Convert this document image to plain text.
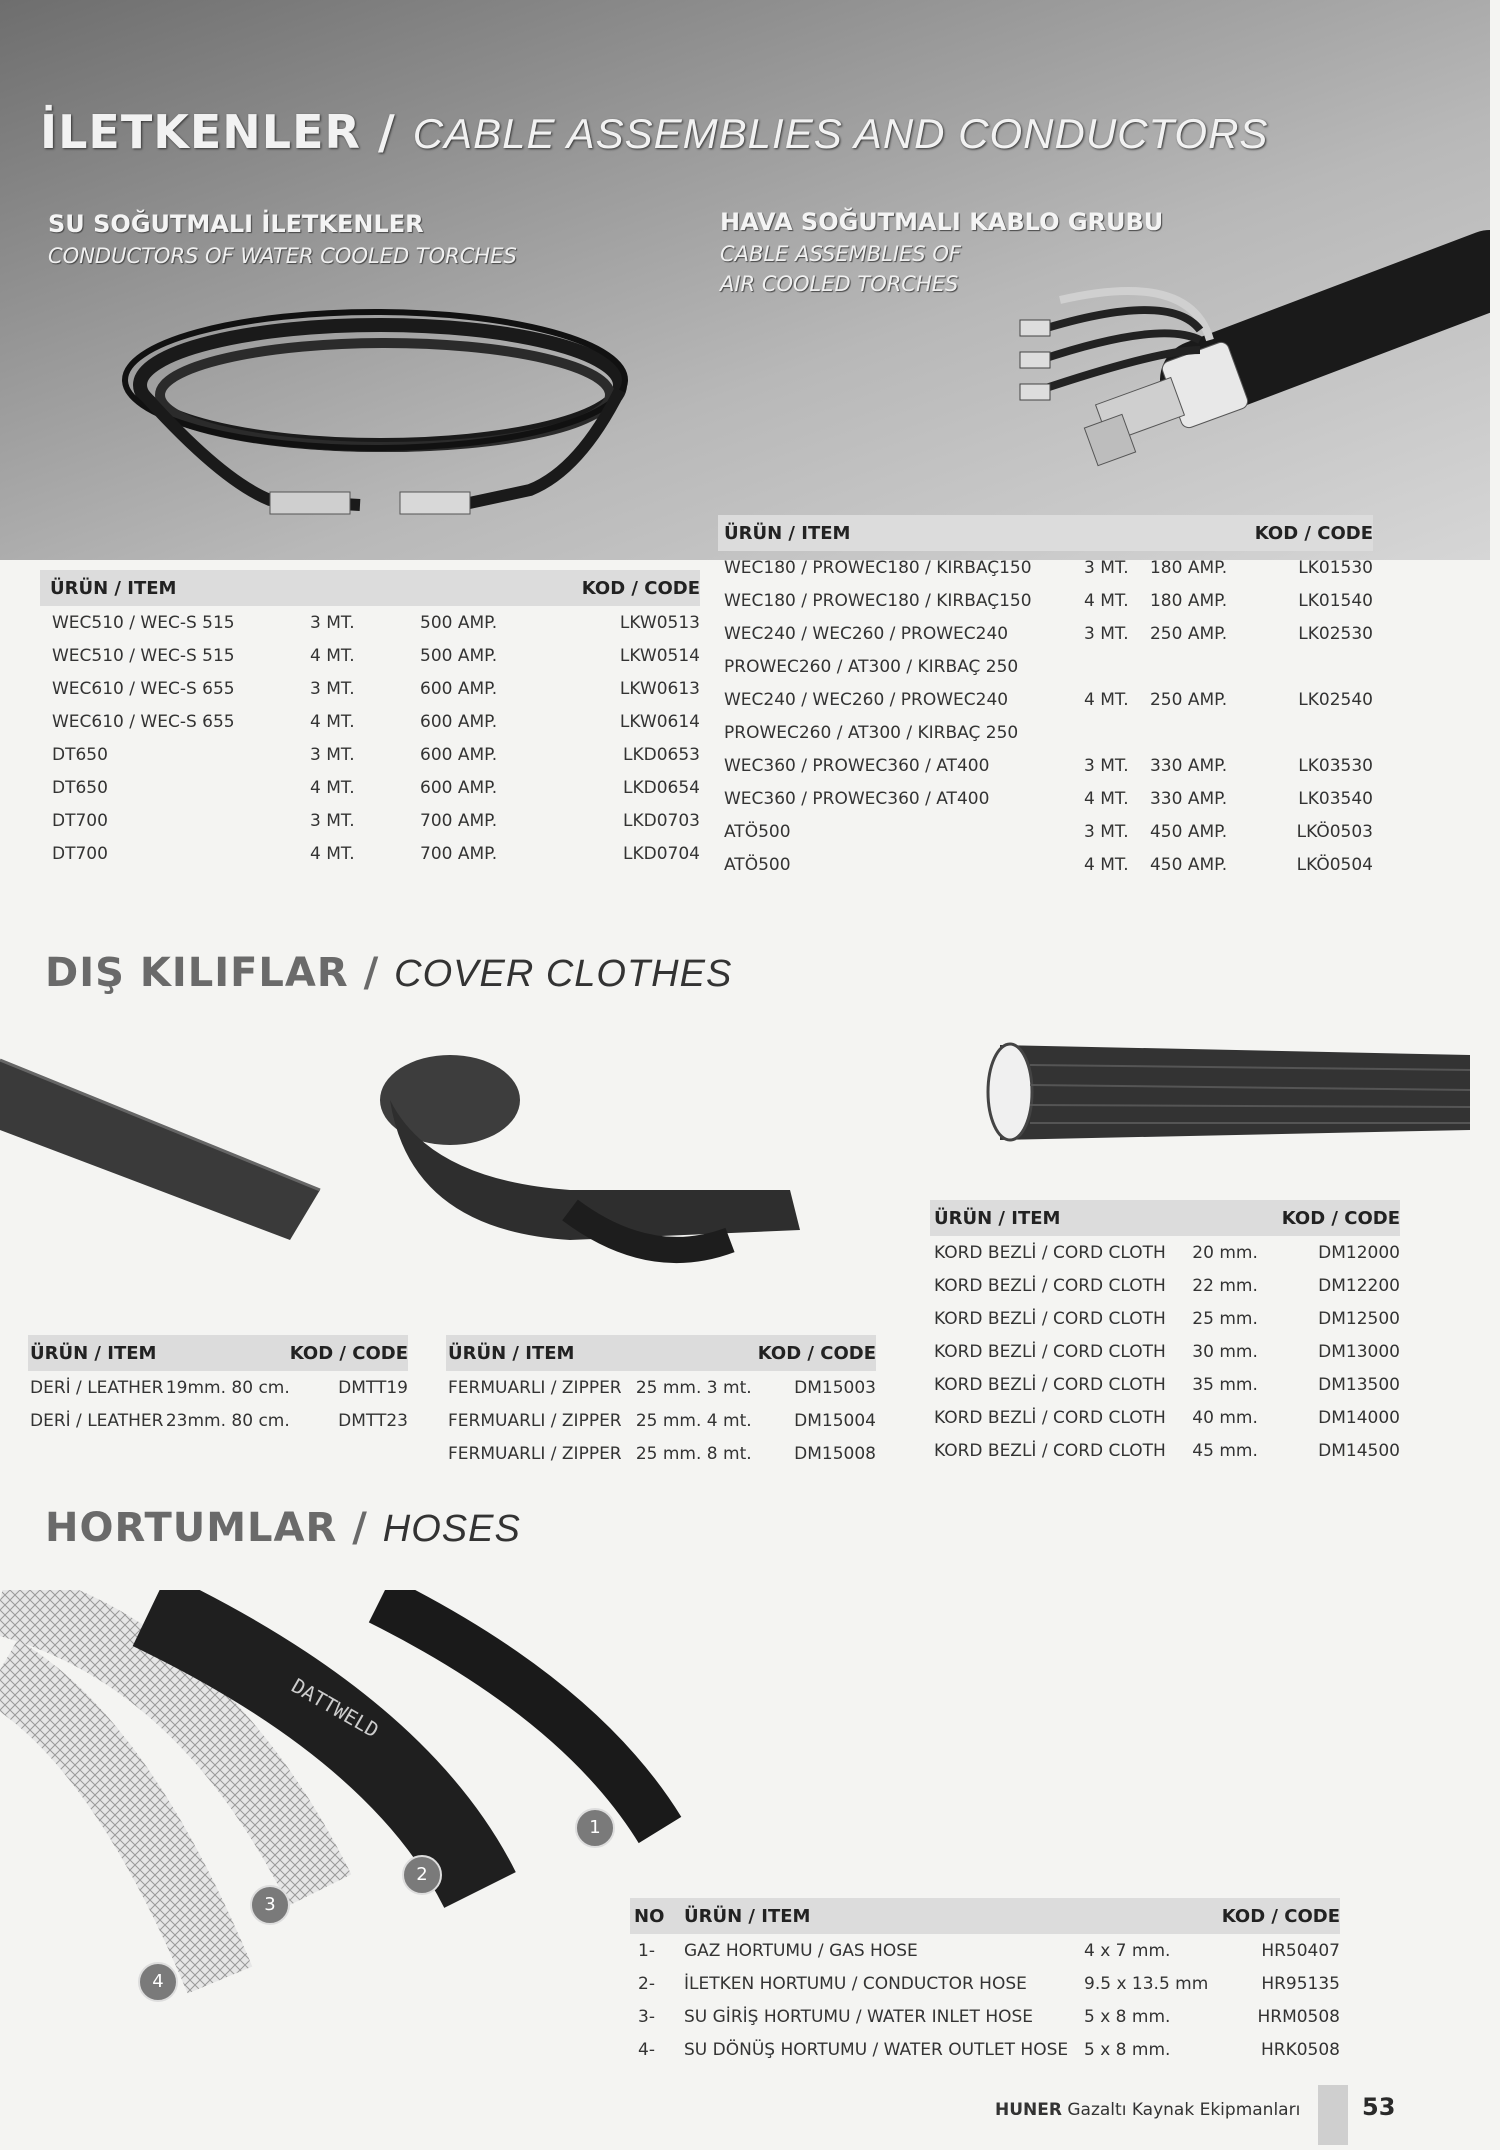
İLETKENLER / CABLE ASSEMBLIES AND CONDUCTORS
SU SOĞUTMALI İLETKENLER
CONDUCTORS OF WATER COOLED TORCHES
HAVA SOĞUTMALI KABLO GRUBU
CABLE ASSEMBLIES OF
AIR COOLED TORCHES
ÜRÜN / ITEM			KOD / CODE
WEC510 / WEC-S 515	3 MT.	500 AMP.	LKW0513
WEC510 / WEC-S 515	4 MT.	500 AMP.	LKW0514
WEC610 / WEC-S 655	3 MT.	600 AMP.	LKW0613
WEC610 / WEC-S 655	4 MT.	600 AMP.	LKW0614
DT650	3 MT.	600 AMP.	LKD0653
DT650	4 MT.	600 AMP.	LKD0654
DT700	3 MT.	700 AMP.	LKD0703
DT700	4 MT.	700 AMP.	LKD0704
ÜRÜN / ITEM			KOD / CODE
WEC180 / PROWEC180 / KIRBAÇ150	3 MT.	180 AMP.	LK01530
WEC180 / PROWEC180 / KIRBAÇ150	4 MT.	180 AMP.	LK01540
WEC240 / WEC260 / PROWEC240	3 MT.	250 AMP.	LK02530
PROWEC260 / AT300 / KIRBAÇ 250			
WEC240 / WEC260 / PROWEC240	4 MT.	250 AMP.	LK02540
PROWEC260 / AT300 / KIRBAÇ 250			
WEC360 / PROWEC360 / AT400	3 MT.	330 AMP.	LK03530
WEC360 / PROWEC360 / AT400	4 MT.	330 AMP.	LK03540
ATÖ500	3 MT.	450 AMP.	LKÖ0503
ATÖ500	4 MT.	450 AMP.	LKÖ0504
DIŞ KILIFLAR / COVER CLOTHES
ÜRÜN / ITEM		KOD / CODE
KORD BEZLİ / CORD CLOTH	20 mm.	DM12000
KORD BEZLİ / CORD CLOTH	22 mm.	DM12200
KORD BEZLİ / CORD CLOTH	25 mm.	DM12500
KORD BEZLİ / CORD CLOTH	30 mm.	DM13000
KORD BEZLİ / CORD CLOTH	35 mm.	DM13500
KORD BEZLİ / CORD CLOTH	40 mm.	DM14000
KORD BEZLİ / CORD CLOTH	45 mm.	DM14500
ÜRÜN / ITEM		KOD / CODE
DERİ / LEATHER	19mm. 80 cm.	DMTT19
DERİ / LEATHER	23mm. 80 cm.	DMTT23
ÜRÜN / ITEM		KOD / CODE
FERMUARLI / ZIPPER	25 mm. 3 mt.	DM15003
FERMUARLI / ZIPPER	25 mm. 4 mt.	DM15004
FERMUARLI / ZIPPER	25 mm. 8 mt.	DM15008
HORTUMLAR / HOSES
DATTWELD
1
2
3
4
NO	ÜRÜN / ITEM		KOD / CODE
1-	GAZ HORTUMU / GAS HOSE	4 x 7 mm.	HR50407
2-	İLETKEN HORTUMU / CONDUCTOR HOSE	9.5 x 13.5 mm	HR95135
3-	SU GİRİŞ HORTUMU / WATER INLET HOSE	5 x 8 mm.	HRM0508
4-	SU DÖNÜŞ HORTUMU / WATER OUTLET HOSE	5 x 8 mm.	HRK0508
HUNER Gazaltı Kaynak Ekipmanları	53
